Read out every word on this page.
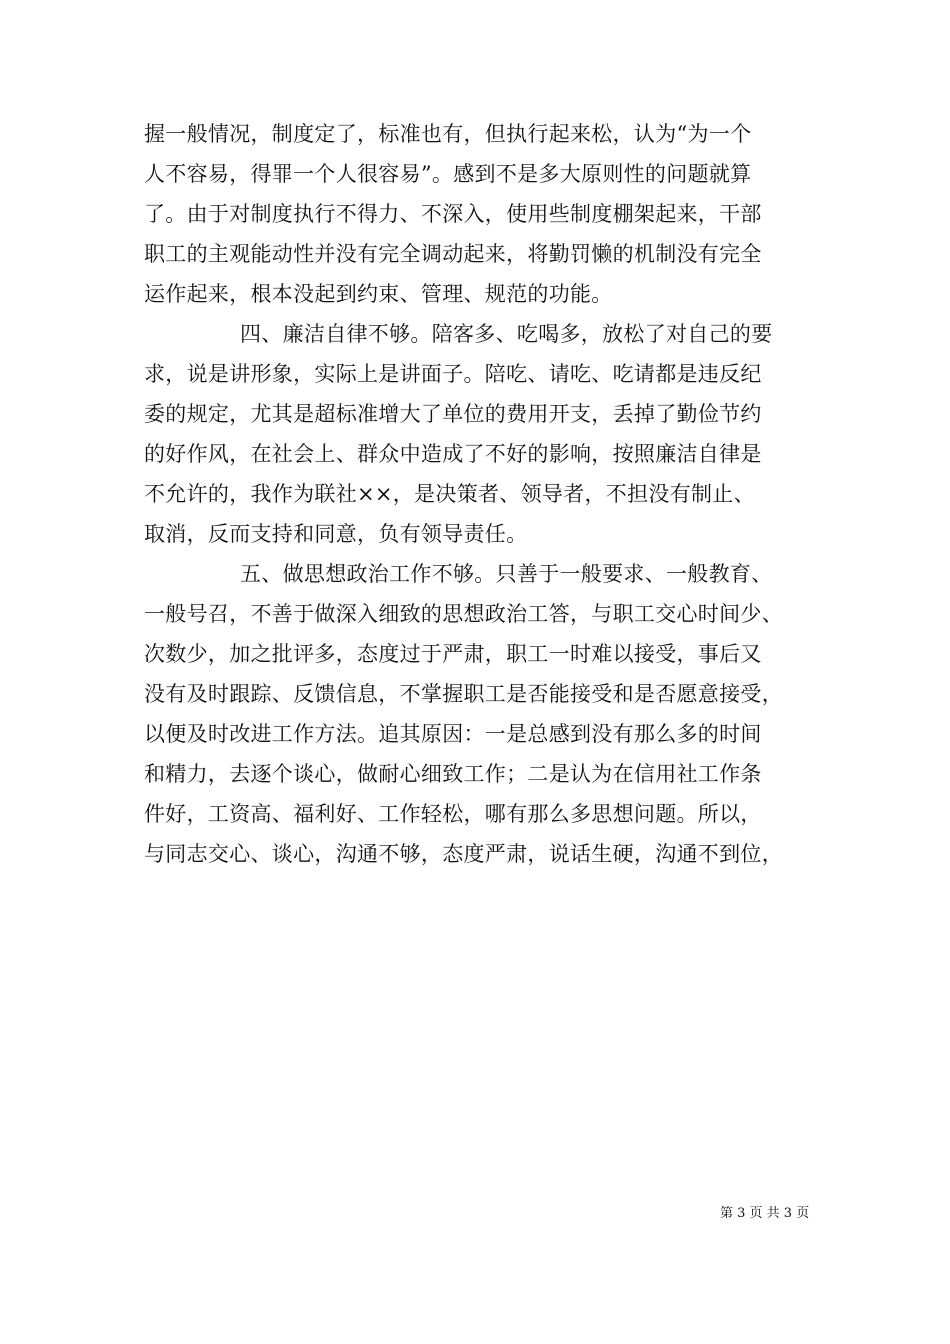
握一般情况，制度定了，标准也有，但执行起来松，认为“为一个
人不容易，得罪一个人很容易”。感到不是多大原则性的问题就算
了。由于对制度执行不得力、不深入，使用些制度棚架起来，干部
职工的主观能动性并没有完全调动起来，将勤罚懒的机制没有完全
运作起来，根本没起到约束、管理、规范的功能。
四、廉洁自律不够。陪客多、吃喝多，放松了对自己的要
求，说是讲形象，实际上是讲面子。陪吃、请吃、吃请都是违反纪
委的规定，尤其是超标准增大了单位的费用开支，丢掉了勤俭节约
的好作风，在社会上、群众中造成了不好的影响，按照廉洁自律是
不允许的，我作为联社××，是决策者、领导者，不担没有制止、
取消，反而支持和同意，负有领导责任。
五、做思想政治工作不够。只善于一般要求、一般教育、
一般号召，不善于做深入细致的思想政治工答，与职工交心时间少、
次数少，加之批评多，态度过于严肃，职工一时难以接受，事后又
没有及时跟踪、反馈信息，不掌握职工是否能接受和是否愿意接受，
以便及时改进工作方法。追其原因：一是总感到没有那么多的时间
和精力，去逐个谈心，做耐心细致工作；二是认为在信用社工作条
件好，工资高、福利好、工作轻松，哪有那么多思想问题。所以，
与同志交心、谈心，沟通不够，态度严肃，说话生硬，沟通不到位，
第 3 页 共 3 页
